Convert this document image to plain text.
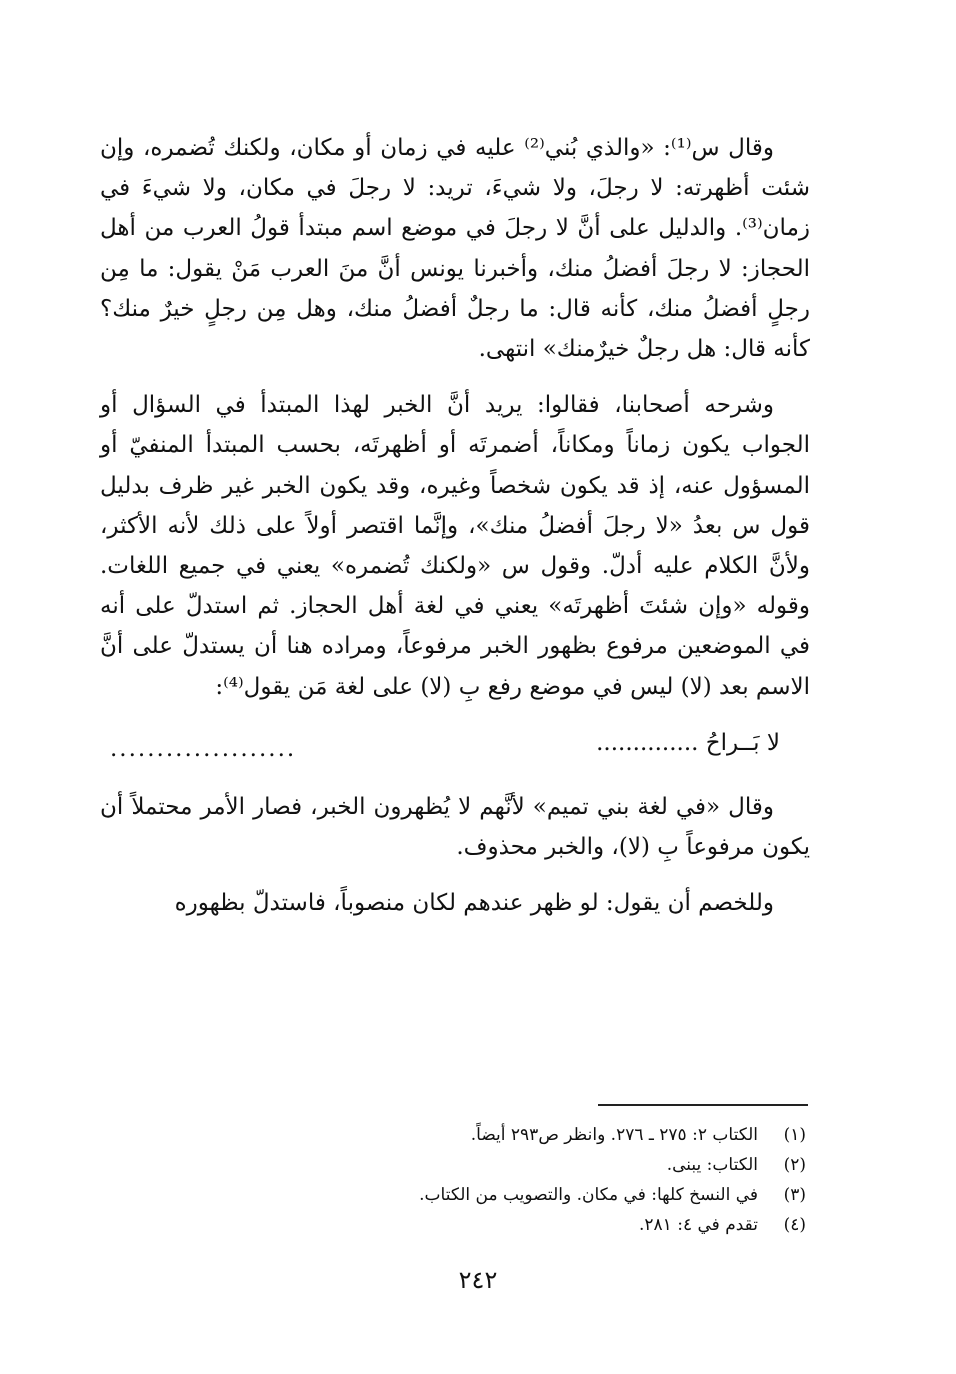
وقال س⁽¹⁾: «والذي بُني⁽²⁾ عليه في زمان أو مكان، ولكنك تُضمره، وإن شئت أظهرته: لا رجلَ، ولا شيءَ، تريد: لا رجلَ في مكان، ولا شيءَ في زمان⁽³⁾. والدليل على أنَّ لا رجلَ في موضع اسم مبتدأ قولُ العرب من أهل الحجاز: لا رجلَ أفضلُ منك، وأخبرنا يونس أنَّ منَ العرب مَنْ يقول: ما مِن رجلٍ أفضلُ منك، كأنه قال: ما رجلٌ أفضلُ منك، وهل مِن رجلٍ خيرٌ منك؟ كأنه قال: هل رجلٌ خيرٌمنك» انتهى.

وشرحه أصحابنا، فقالوا: يريد أنَّ الخبر لهذا المبتدأ في السؤال أو الجواب يكون زماناً ومكاناً، أضمرتَه أو أظهرتَه، بحسب المبتدأ المنفيّ أو المسؤول عنه، إذ قد يكون شخصاً وغيره، وقد يكون الخبر غير ظرف بدليل قول س بعدُ «لا رجلَ أفضلُ منك»، وإنَّما اقتصر أولاً على ذلك لأنه الأكثر، ولأنَّ الكلام عليه أدلّ. وقول س «ولكنك تُضمره» يعني في جميع اللغات. وقوله «وإن شئتَ أظهرتَه» يعني في لغة أهل الحجاز. ثم استدلّ على أنه في الموضعين مرفوع بظهور الخبر مرفوعاً، ومراده هنا أن يستدلّ على أنَّ الاسم بعد (لا) ليس في موضع رفع بِ (لا) على لغة مَن يقول⁽⁴⁾:

لا بَــراحُ ..............
....................

وقال «في لغة بني تميم» لأنَّهم لا يُظهرون الخبر، فصار الأمر محتملاً أن يكون مرفوعاً بِ (لا)، والخبر محذوف.

وللخصم أن يقول: لو ظهر عندهم لكان منصوباً، فاستدلّ بظهوره

(١)
الكتاب ٢: ٢٧٥ ـ ٢٧٦. وانظر ص٢٩٣ أيضاً.
(٢)
الكتاب: يبنى.
(٣)
في النسخ كلها: في مكان. والتصويب من الكتاب.
(٤)
تقدم في ٤: ٢٨١.
٢٤٢
